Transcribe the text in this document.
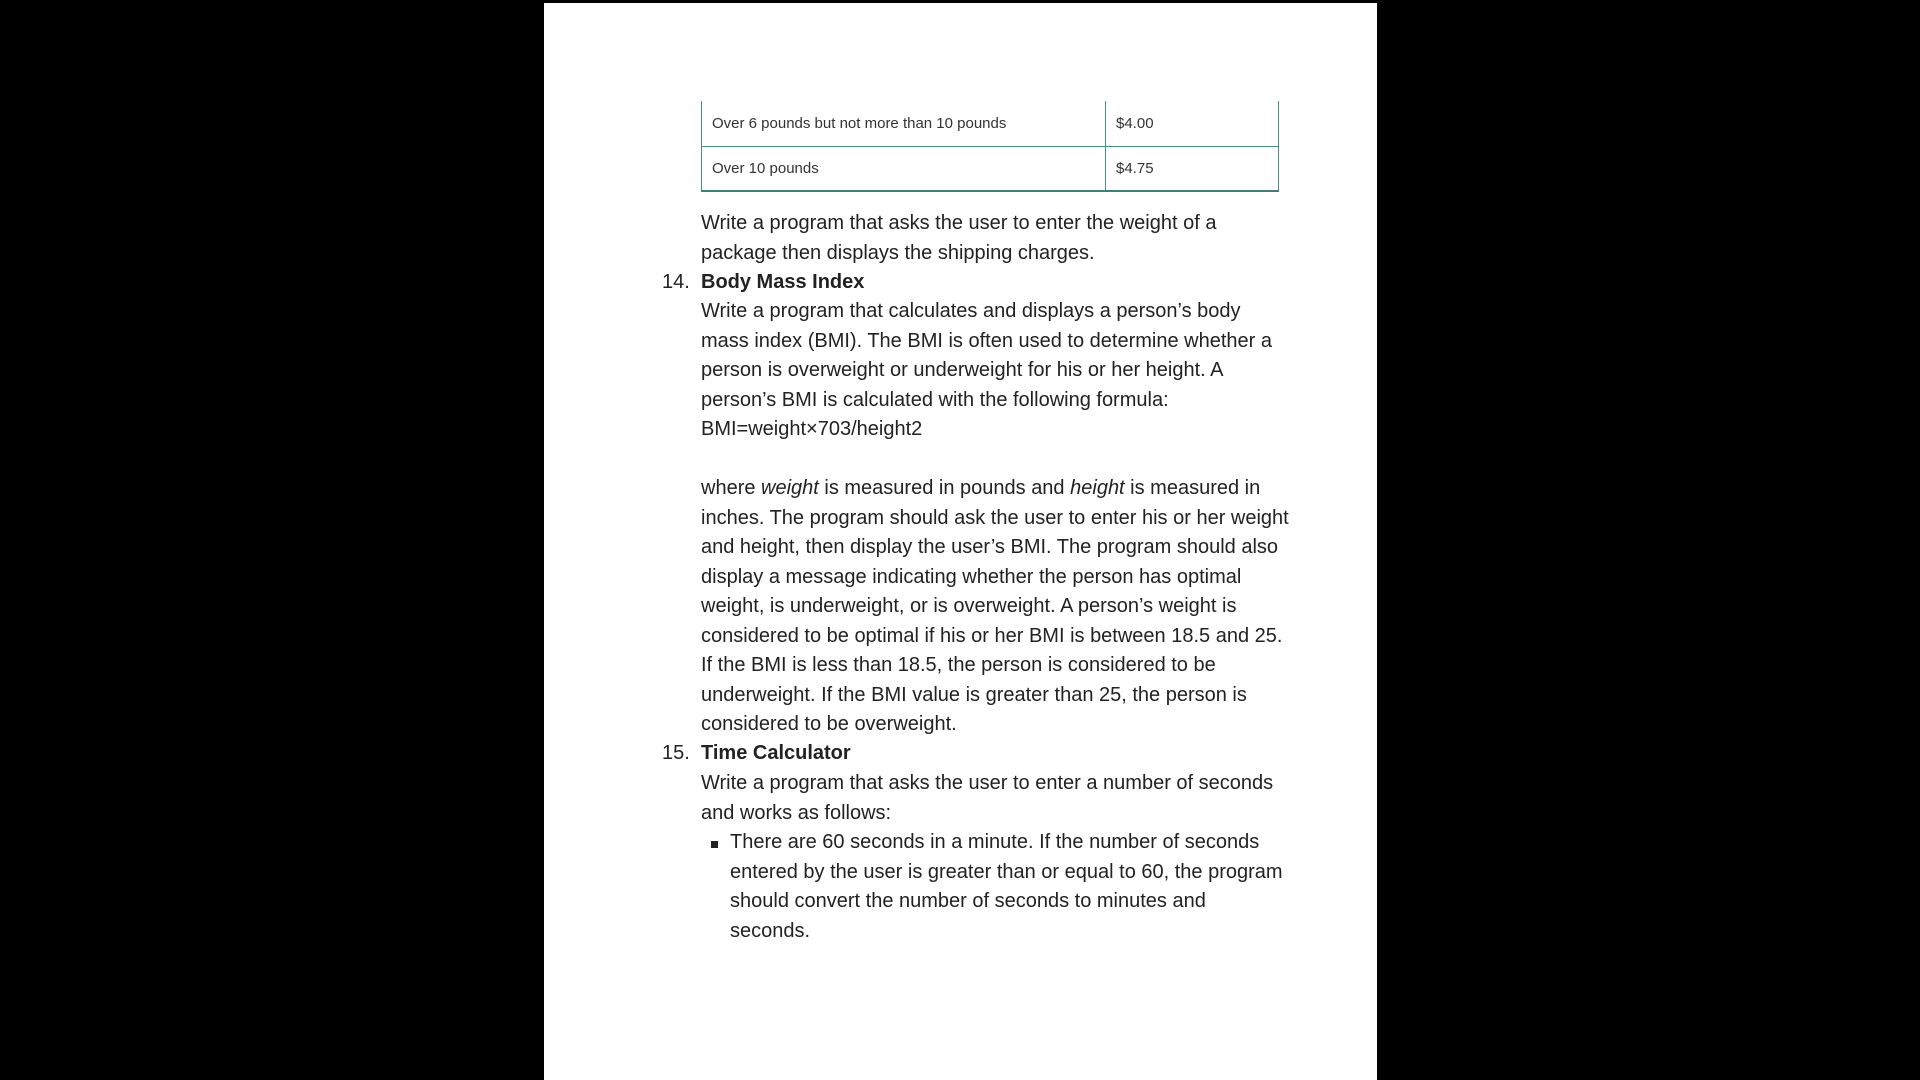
Over 6 pounds but not more than 10 pounds	$4.00
Over 10 pounds	$4.75
Write a program that asks the user to enter the weight of a
package then displays the shipping charges.
14. Body Mass Index
Write a program that calculates and displays a person’s body
mass index (BMI). The BMI is often used to determine whether a
person is overweight or underweight for his or her height. A
person’s BMI is calculated with the following formula:
BMI=weight×703/height2
where weight is measured in pounds and height is measured in
inches. The program should ask the user to enter his or her weight
and height, then display the user’s BMI. The program should also
display a message indicating whether the person has optimal
weight, is underweight, or is overweight. A person’s weight is
considered to be optimal if his or her BMI is between 18.5 and 25.
If the BMI is less than 18.5, the person is considered to be
underweight. If the BMI value is greater than 25, the person is
considered to be overweight.
15. Time Calculator
Write a program that asks the user to enter a number of seconds
and works as follows:
There are 60 seconds in a minute. If the number of seconds
entered by the user is greater than or equal to 60, the program
should convert the number of seconds to minutes and
seconds.
